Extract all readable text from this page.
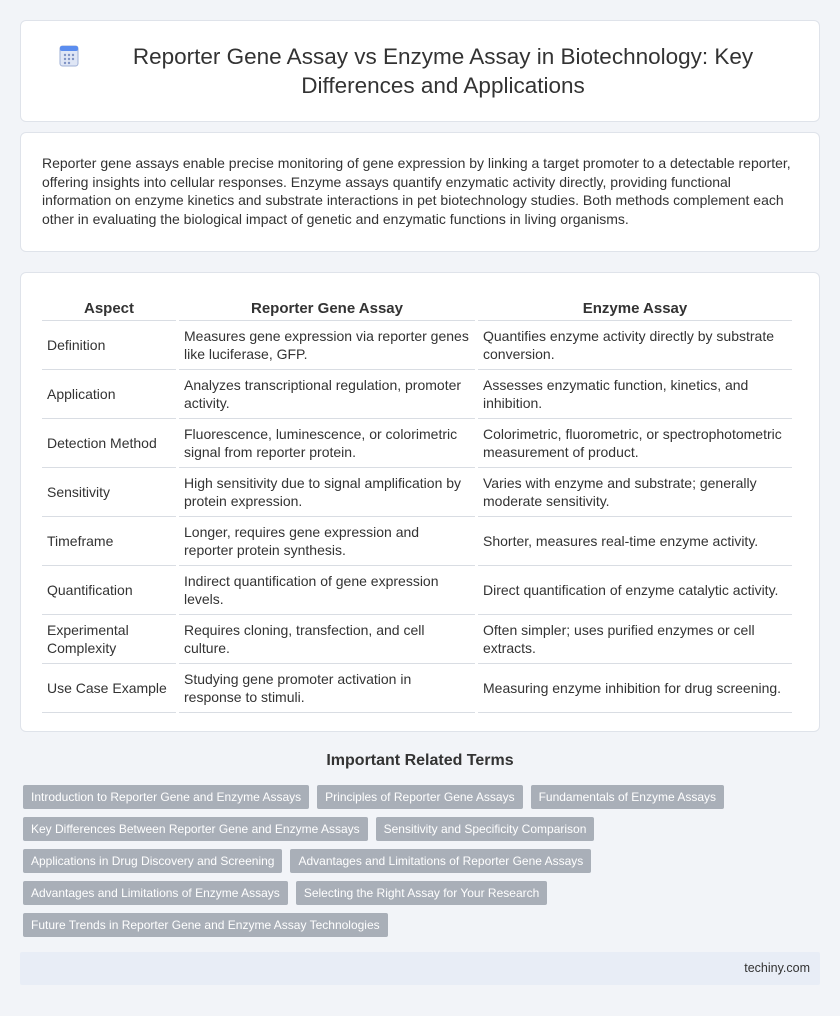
Reporter Gene Assay vs Enzyme Assay in Biotechnology: Key Differences and Applications

Reporter gene assays enable precise monitoring of gene expression by linking a target promoter to a detectable reporter, offering insights into cellular responses. Enzyme assays quantify enzymatic activity directly, providing functional information on enzyme kinetics and substrate interactions in pet biotechnology studies. Both methods complement each other in evaluating the biological impact of genetic and enzymatic functions in living organisms.

Aspect	Reporter Gene Assay	Enzyme Assay
Definition	Measures gene expression via reporter genes like luciferase, GFP.	Quantifies enzyme activity directly by substrate conversion.
Application	Analyzes transcriptional regulation, promoter activity.	Assesses enzymatic function, kinetics, and inhibition.
Detection Method	Fluorescence, luminescence, or colorimetric signal from reporter protein.	Colorimetric, fluorometric, or spectrophotometric measurement of product.
Sensitivity	High sensitivity due to signal amplification by protein expression.	Varies with enzyme and substrate; generally moderate sensitivity.
Timeframe	Longer, requires gene expression and reporter protein synthesis.	Shorter, measures real-time enzyme activity.
Quantification	Indirect quantification of gene expression levels.	Direct quantification of enzyme catalytic activity.
Experimental Complexity	Requires cloning, transfection, and cell culture.	Often simpler; uses purified enzymes or cell extracts.
Use Case Example	Studying gene promoter activation in response to stimuli.	Measuring enzyme inhibition for drug screening.
Important Related Terms
Introduction to Reporter Gene and Enzyme Assays	Principles of Reporter Gene Assays	Fundamentals of Enzyme Assays
Key Differences Between Reporter Gene and Enzyme Assays	Sensitivity and Specificity Comparison
Applications in Drug Discovery and Screening	Advantages and Limitations of Reporter Gene Assays
Advantages and Limitations of Enzyme Assays	Selecting the Right Assay for Your Research
Future Trends in Reporter Gene and Enzyme Assay Technologies
techiny.com
